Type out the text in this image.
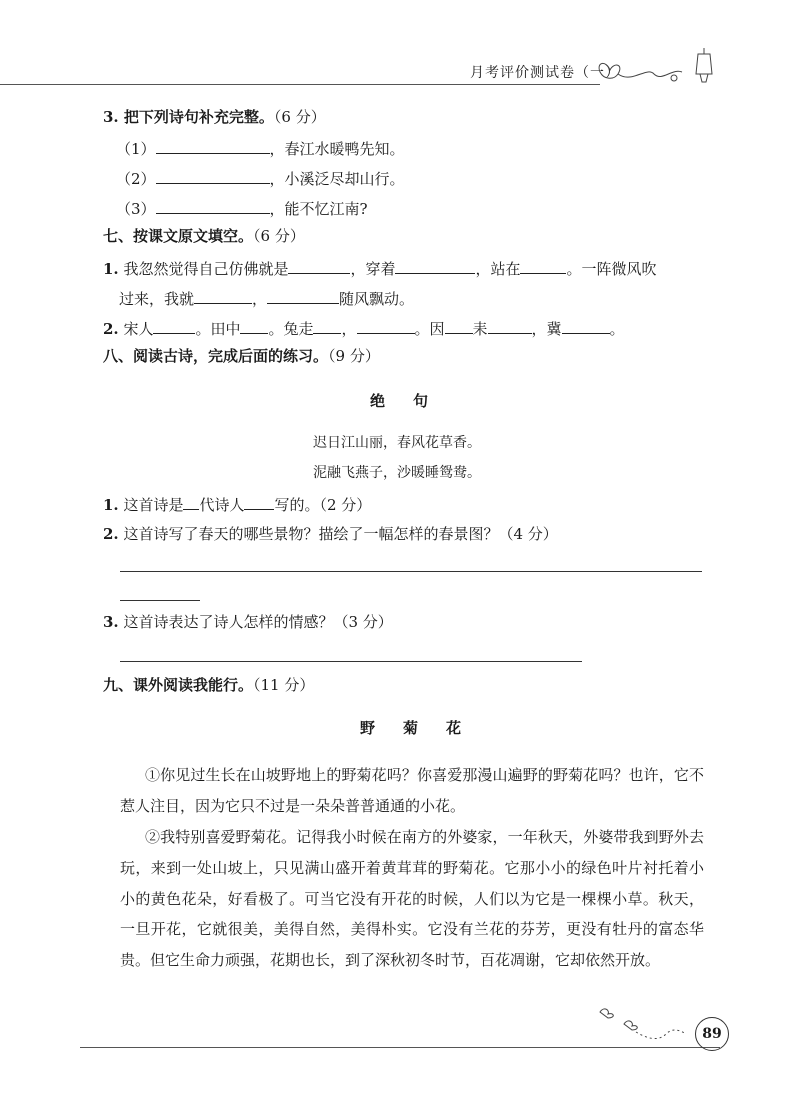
月考评价测试卷（一）
3. 把下列诗句补充完整。（6 分）
（1）	，春江水暖鸭先知。
（2）	，小溪泛尽却山行。
（3）	，能不忆江南?
七、按课文原文填空。（6 分）
1. 我忽然觉得自己仿佛就是	，穿着	，站在	。一阵微风吹
过来，我就	，	随风飘动。
2. 宋人	。田中 。兔走 ，	。因 耒	，冀	。
八、阅读古诗，完成后面的练习。（9 分）
绝句
迟日江山丽，春风花草香。
泥融飞燕子，沙暖睡鸳鸯。
1. 这首诗是 代诗人 写的。（2 分）
2. 这首诗写了春天的哪些景物？描绘了一幅怎样的春景图？（4 分）
3. 这首诗表达了诗人怎样的情感？（3 分）
九、课外阅读我能行。（11 分）
野菊花
①你见过生长在山坡野地上的野菊花吗？你喜爱那漫山遍野的野菊花吗？也许，它不惹人注目，因为它只不过是一朵朵普普通通的小花。
②我特别喜爱野菊花。记得我小时候在南方的外婆家，一年秋天，外婆带我到野外去玩，来到一处山坡上，只见满山盛开着黄茸茸的野菊花。它那小小的绿色叶片衬托着小小的黄色花朵，好看极了。可当它没有开花的时候，人们以为它是一棵棵小草。秋天，一旦开花，它就很美，美得自然，美得朴实。它没有兰花的芬芳，更没有牡丹的富态华贵。但它生命力顽强，花期也长，到了深秋初冬时节，百花凋谢，它却依然开放。
89
